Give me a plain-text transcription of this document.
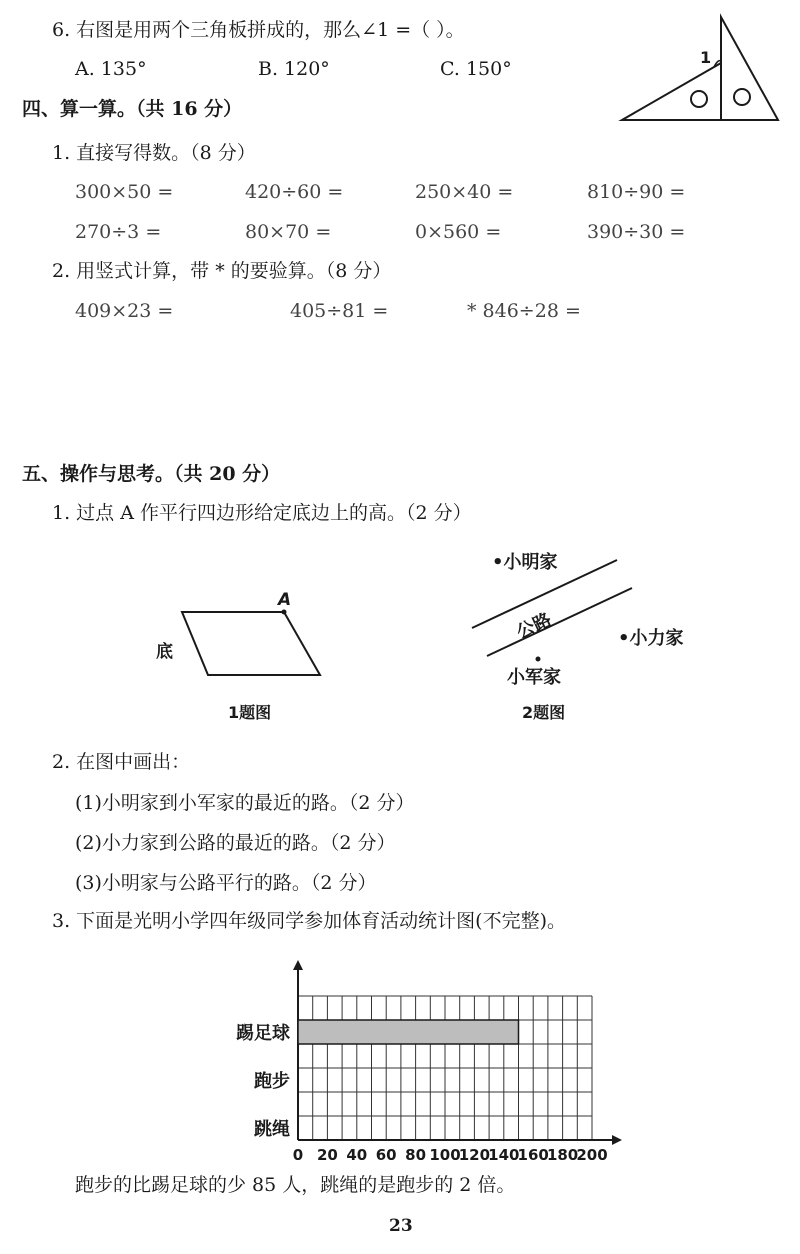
6. 右图是用两个三角板拼成的，那么∠1 =（ ）。
A. 135°	B. 120°	C. 150°
1
四、算一算。（共 16 分）
1. 直接写得数。（8 分）
300×50 =	420÷60 =	250×40 =	810÷90 =
270÷3 =	80×70 =	0×560 =	390÷30 =
2. 用竖式计算，带 * 的要验算。（8 分）
409×23 =	405÷81 =	* 846÷28 =
五、操作与思考。（共 20 分）
1. 过点 A 作平行四边形给定底边上的高。（2 分）
A
底
1题图
公路
•小明家
•小力家
小军家
2题图
2. 在图中画出：
(1)小明家到小军家的最近的路。（2 分）
(2)小力家到公路的最近的路。（2 分）
(3)小明家与公路平行的路。（2 分）
3. 下面是光明小学四年级同学参加体育活动统计图(不完整)。
踢足球
跑步
跳绳
0 20 40 60 80 100
120
140
160
180
200
跑步的比踢足球的少 85 人，跳绳的是跑步的 2 倍。
23
